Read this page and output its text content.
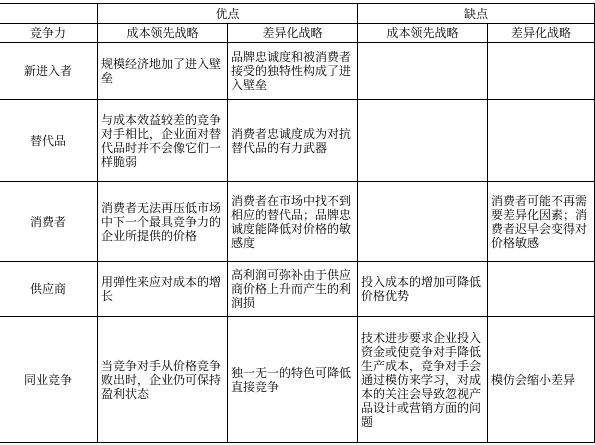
	优点		缺点	
竞争力	成本领先战略	差异化战略	成本领先战略	差异化战略
新进入者	规模经济地加了进入壁垒	品牌忠诚度和被消费者接受的独特性构成了进入壁垒		
替代品	与成本效益较差的竞争对手相比，企业面对替代品时并不会像它们一样脆弱	消费者忠诚度成为对抗替代品的有力武器		
消费者	消费者无法再压低市场中下一个最具竞争力的企业所提供的价格	消费者在市场中找不到相应的替代品；品牌忠诚度能降低对价格的敏感度		消费者可能不再需要差异化因素；消费者迟早会变得对价格敏感
供应商	用弹性来应对成本的增长	高利润可弥补由于供应商价格上升而产生的利润损	投入成本的增加可降低价格优势	
同业竞争	当竞争对手从价格竞争败出时，企业仍可保持盈利状态	独一无一的特色可降低直接竞争	技术进步要求企业投入资金或使竞争对手降低生产成本，竞争对手会通过模仿来学习，对成本的关注会导致忽视产品设计或营销方面的问题	模仿会缩小差异
